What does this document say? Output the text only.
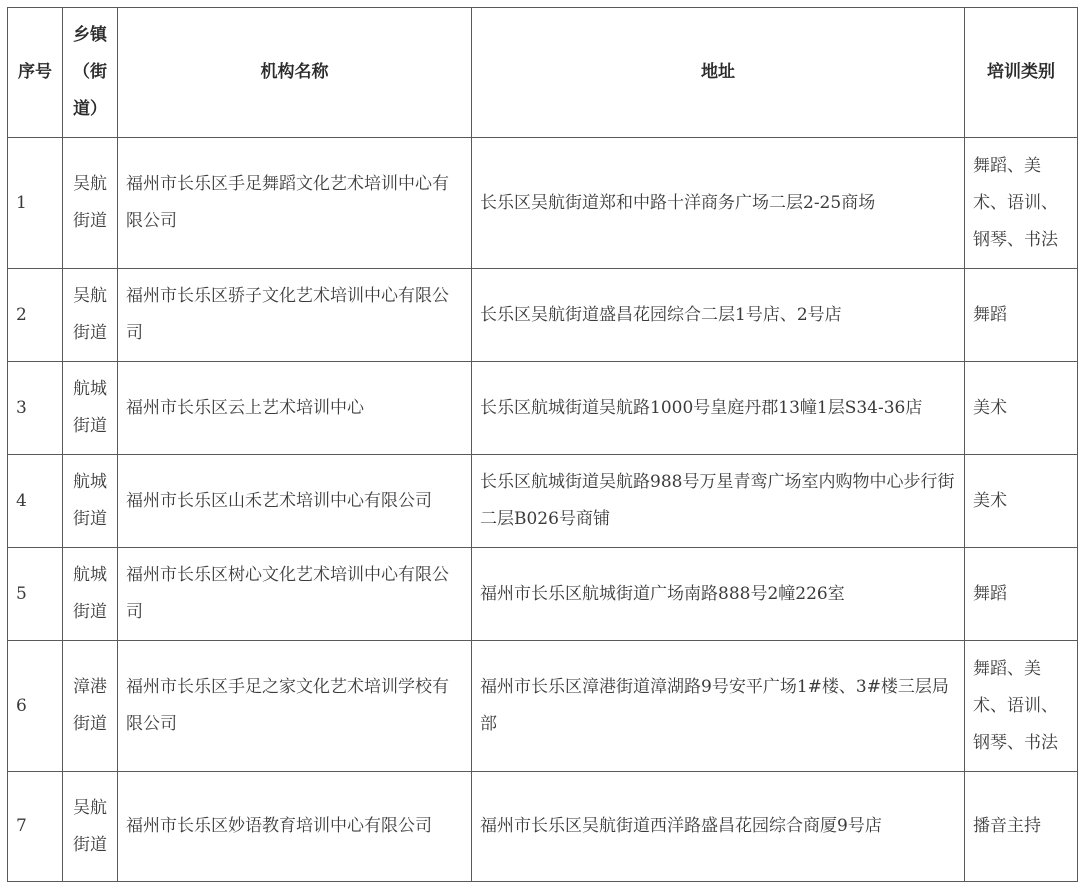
序号	乡镇（街道）	机构名称	地址	培训类别
1	吴航街道	福州市长乐区手足舞蹈文化艺术培训中心有限公司	长乐区吴航街道郑和中路十洋商务广场二层2-25商场	舞蹈、美术、语训、钢琴、书法
2	吴航街道	福州市长乐区骄子文化艺术培训中心有限公司	长乐区吴航街道盛昌花园综合二层1号店、2号店	舞蹈
3	航城街道	福州市长乐区云上艺术培训中心	长乐区航城街道吴航路1000号皇庭丹郡13幢1层S34-36店	美术
4	航城街道	福州市长乐区山禾艺术培训中心有限公司	长乐区航城街道吴航路988号万星青鸾广场室内购物中心步行街二层B026号商铺	美术
5	航城街道	福州市长乐区树心文化艺术培训中心有限公司	福州市长乐区航城街道广场南路888号2幢226室	舞蹈
6	漳港街道	福州市长乐区手足之家文化艺术培训学校有限公司	福州市长乐区漳港街道漳湖路9号安平广场1#楼、3#楼三层局部	舞蹈、美术、语训、钢琴、书法
7	吴航街道	福州市长乐区妙语教育培训中心有限公司	福州市长乐区吴航街道西洋路盛昌花园综合商厦9号店	播音主持
